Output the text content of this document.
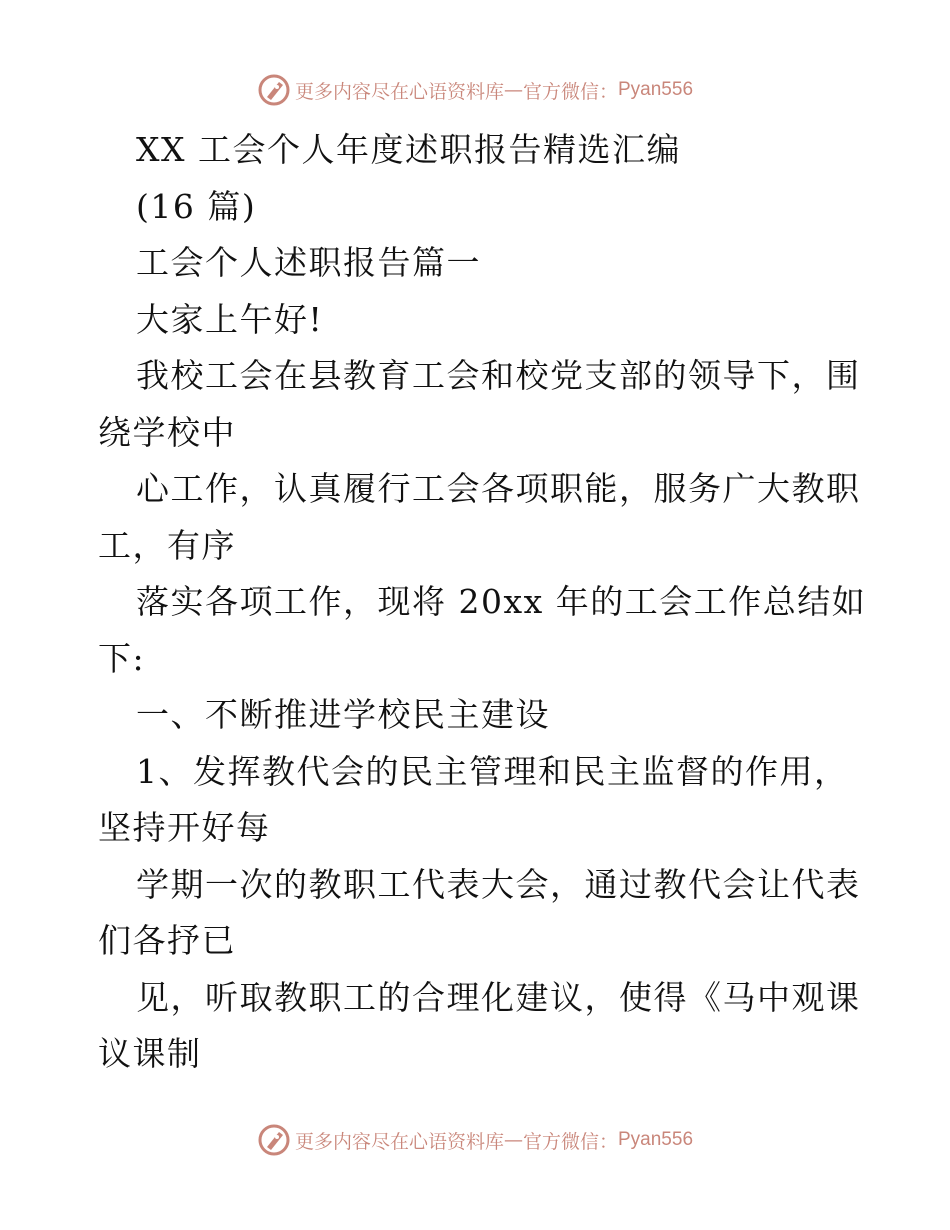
更多内容尽在心语资料库 — 官方微信： Pyan556
XX 工会个人年度述职报告精选汇编
(16 篇)
工会个人述职报告篇一
大家上午好!
我校工会在县教育工会和校党支部的领导下，围
绕学校中
心工作，认真履行工会各项职能，服务广大教职
工，有序
落实各项工作，现将 20xx 年的工会工作总结如
下:
一、不断推进学校民主建设
1、发挥教代会的民主管理和民主监督的作用，
坚持开好每
学期一次的教职工代表大会，通过教代会让代表
们各抒已
见，听取教职工的合理化建议，使得《马中观课
议课制
更多内容尽在心语资料库 — 官方微信： Pyan556
